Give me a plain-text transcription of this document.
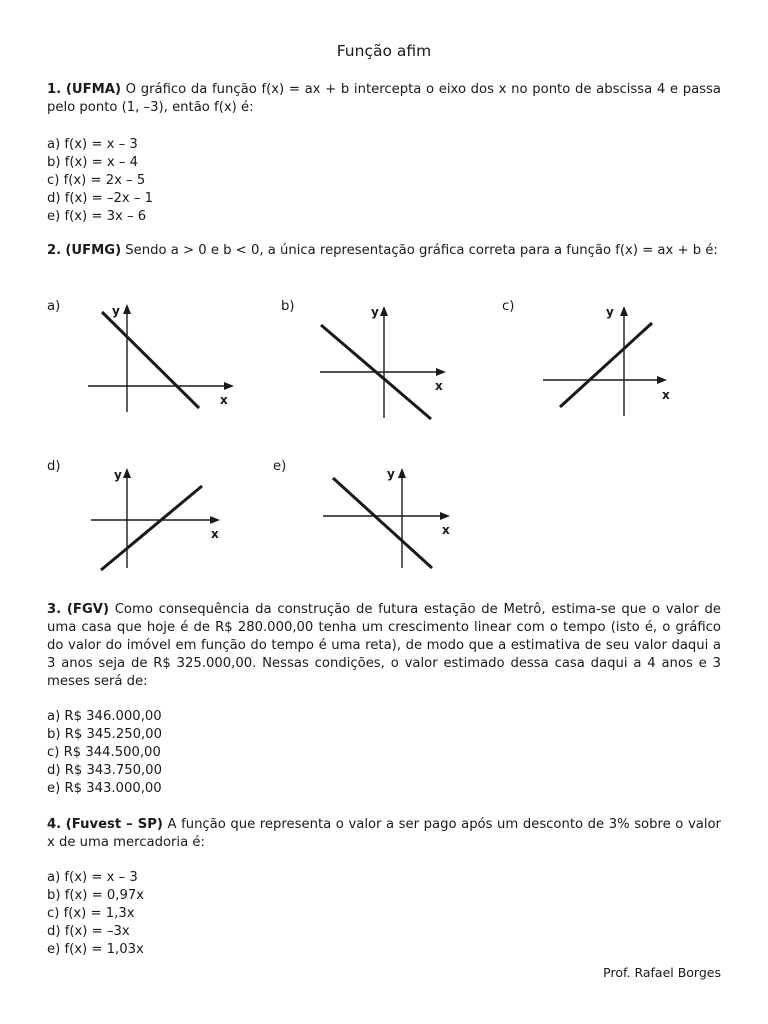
Função afim
1. (UFMA) O gráfico da função f(x) = ax + b intercepta o eixo dos x no ponto de abscissa 4 e passa pelo ponto (1, –3), então f(x) é:
a) f(x) = x – 3
b) f(x) = x – 4
c) f(x) = 2x – 5
d) f(x) = –2x – 1
e) f(x) = 3x – 6
2. (UFMG) Sendo a > 0 e b < 0, a única representação gráfica correta para a função f(x) = ax + b é:
a)	b)	c)
d)	e)
y
x
y
x
y
x
y
x
y
x
3. (FGV) Como consequência da construção de futura estação de Metrô, estima-se que o valor de uma casa que hoje é de R$ 280.000,00 tenha um crescimento linear com o tempo (isto é, o gráfico do valor do imóvel em função do tempo é uma reta), de modo que a estimativa de seu valor daqui a 3 anos seja de R$ 325.000,00. Nessas condições, o valor estimado dessa casa daqui a 4 anos e 3 meses será de:
a) R$ 346.000,00
b) R$ 345.250,00
c) R$ 344.500,00
d) R$ 343.750,00
e) R$ 343.000,00
4. (Fuvest – SP) A função que representa o valor a ser pago após um desconto de 3% sobre o valor x de uma mercadoria é:
a) f(x) = x – 3
b) f(x) = 0,97x
c) f(x) = 1,3x
d) f(x) = –3x
e) f(x) = 1,03x
Prof. Rafael Borges
